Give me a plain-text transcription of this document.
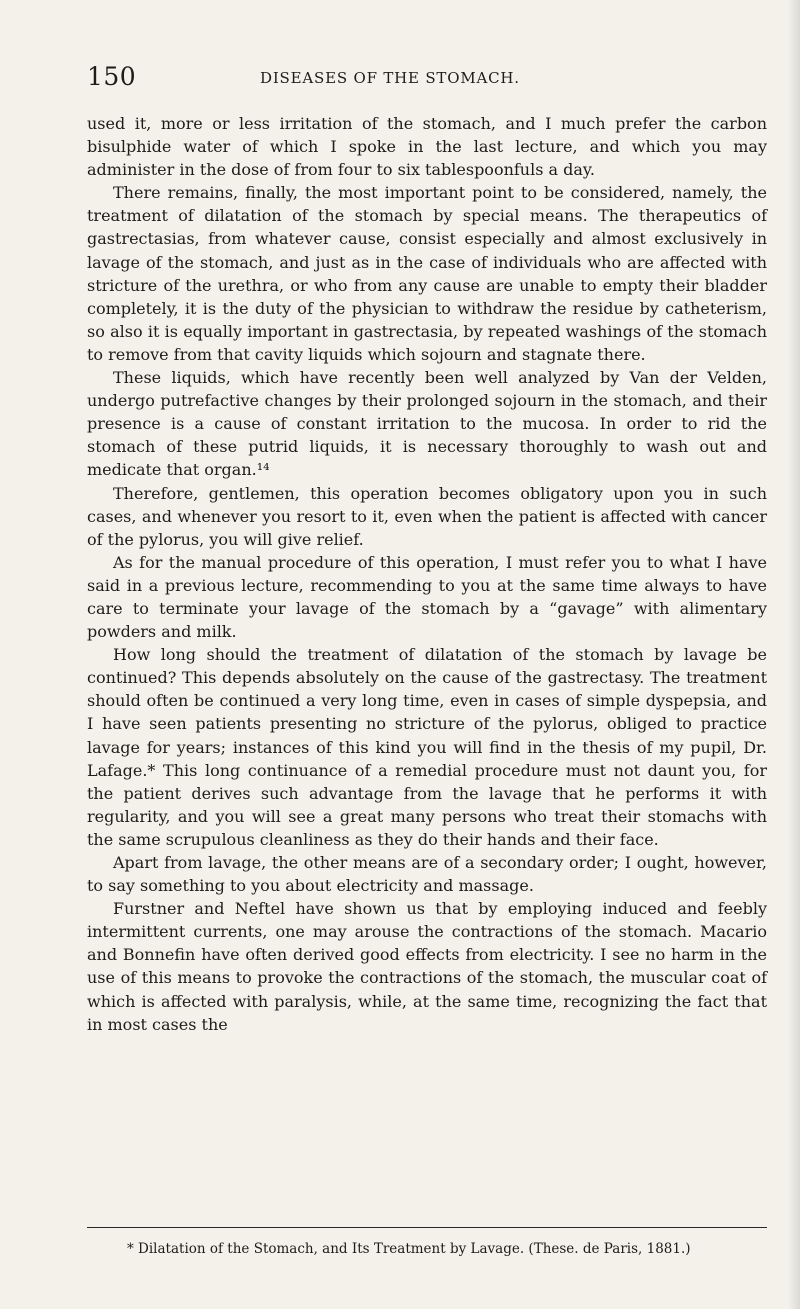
150	DISEASES OF THE STOMACH.

used it, more or less irritation of the stomach, and I much prefer the carbon bisulphide water of which I spoke in the last lecture, and which you may administer in the dose of from four to six tablespoonfuls a day.

There remains, finally, the most important point to be considered, namely, the treatment of dilatation of the stomach by special means. The therapeutics of gastrectasias, from whatever cause, consist especially and almost exclusively in lavage of the stomach, and just as in the case of individuals who are affected with stricture of the urethra, or who from any cause are unable to empty their bladder completely, it is the duty of the physician to withdraw the residue by catheterism, so also it is equally important in gastrectasia, by repeated washings of the stomach to remove from that cavity liquids which sojourn and stagnate there.

These liquids, which have recently been well analyzed by Van der Velden, undergo putrefactive changes by their prolonged sojourn in the stomach, and their presence is a cause of constant irritation to the mucosa. In order to rid the stomach of these putrid liquids, it is necessary thoroughly to wash out and medicate that organ.¹⁴

Therefore, gentlemen, this operation becomes obligatory upon you in such cases, and whenever you resort to it, even when the patient is affected with cancer of the pylorus, you will give relief.

As for the manual procedure of this operation, I must refer you to what I have said in a previous lecture, recommending to you at the same time always to have care to terminate your lavage of the stomach by a “gavage” with alimentary powders and milk.

How long should the treatment of dilatation of the stomach by lavage be continued? This depends absolutely on the cause of the gastrectasy. The treatment should often be continued a very long time, even in cases of simple dyspepsia, and I have seen patients presenting no stricture of the pylorus, obliged to practice lavage for years; instances of this kind you will find in the thesis of my pupil, Dr. Lafage.* This long continuance of a remedial procedure must not daunt you, for the patient derives such advantage from the lavage that he performs it with regularity, and you will see a great many persons who treat their stomachs with the same scrupulous cleanliness as they do their hands and their face.

Apart from lavage, the other means are of a secondary order; I ought, however, to say something to you about electricity and massage.

Furstner and Neftel have shown us that by employing induced and feebly intermittent currents, one may arouse the contractions of the stomach. Macario and Bonnefin have often derived good effects from electricity. I see no harm in the use of this means to provoke the contractions of the stomach, the muscular coat of which is affected with paralysis, while, at the same time, recognizing the fact that in most cases the

* Dilatation of the Stomach, and Its Treatment by Lavage. (These. de Paris, 1881.)
